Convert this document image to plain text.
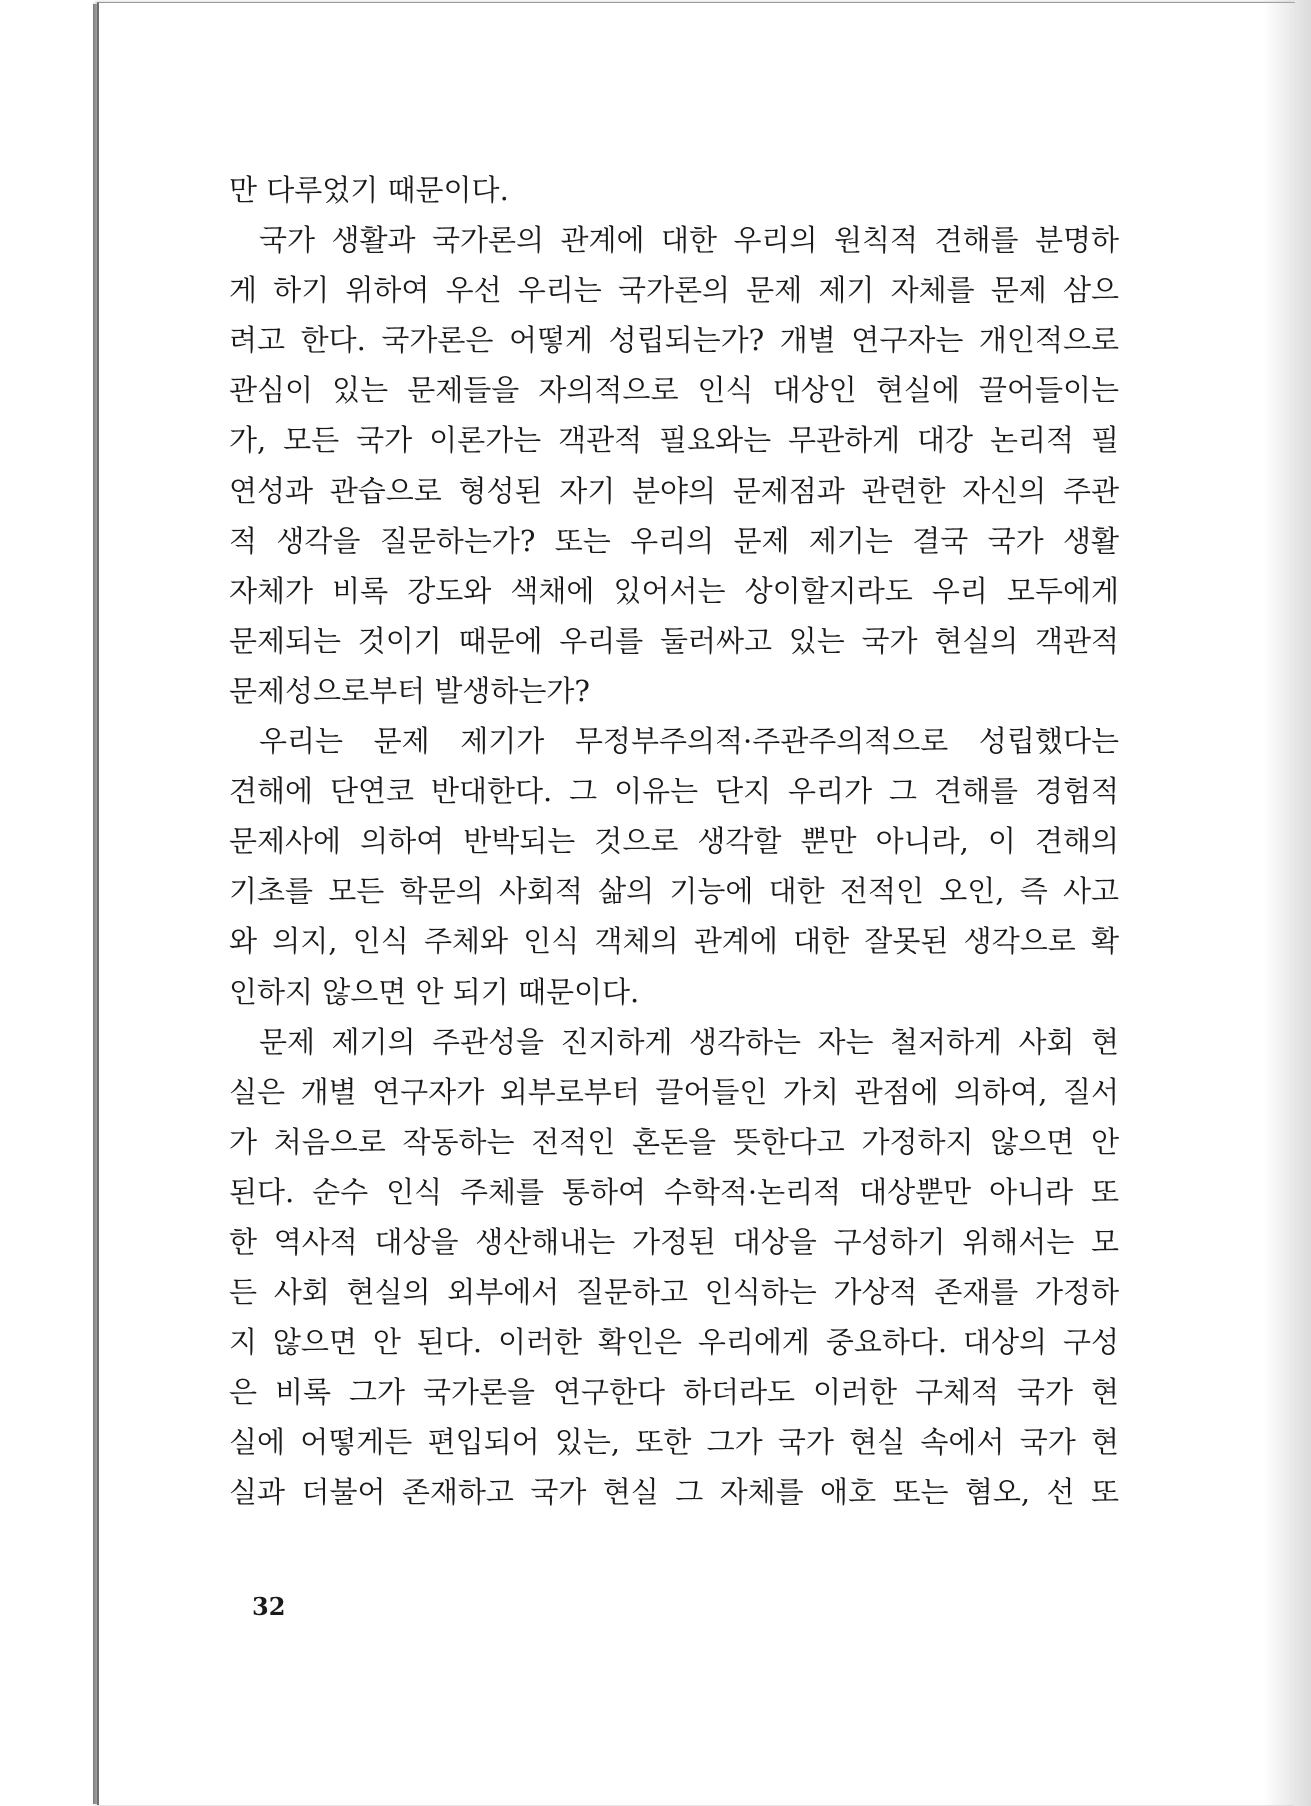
만 다루었기 때문이다.
국가 생활과 국가론의 관계에 대한 우리의 원칙적 견해를 분명하
게 하기 위하여 우선 우리는 국가론의 문제 제기 자체를 문제 삼으
려고 한다. 국가론은 어떻게 성립되는가? 개별 연구자는 개인적으로
관심이 있는 문제들을 자의적으로 인식 대상인 현실에 끌어들이는
가, 모든 국가 이론가는 객관적 필요와는 무관하게 대강 논리적 필
연성과 관습으로 형성된 자기 분야의 문제점과 관련한 자신의 주관
적 생각을 질문하는가? 또는 우리의 문제 제기는 결국 국가 생활
자체가 비록 강도와 색채에 있어서는 상이할지라도 우리 모두에게
문제되는 것이기 때문에 우리를 둘러싸고 있는 국가 현실의 객관적
문제성으로부터 발생하는가?
우리는 문제 제기가 무정부주의적·주관주의적으로 성립했다는
견해에 단연코 반대한다. 그 이유는 단지 우리가 그 견해를 경험적
문제사에 의하여 반박되는 것으로 생각할 뿐만 아니라, 이 견해의
기초를 모든 학문의 사회적 삶의 기능에 대한 전적인 오인, 즉 사고
와 의지, 인식 주체와 인식 객체의 관계에 대한 잘못된 생각으로 확
인하지 않으면 안 되기 때문이다.
문제 제기의 주관성을 진지하게 생각하는 자는 철저하게 사회 현
실은 개별 연구자가 외부로부터 끌어들인 가치 관점에 의하여, 질서
가 처음으로 작동하는 전적인 혼돈을 뜻한다고 가정하지 않으면 안
된다. 순수 인식 주체를 통하여 수학적·논리적 대상뿐만 아니라 또
한 역사적 대상을 생산해내는 가정된 대상을 구성하기 위해서는 모
든 사회 현실의 외부에서 질문하고 인식하는 가상적 존재를 가정하
지 않으면 안 된다. 이러한 확인은 우리에게 중요하다. 대상의 구성
은 비록 그가 국가론을 연구한다 하더라도 이러한 구체적 국가 현
실에 어떻게든 편입되어 있는, 또한 그가 국가 현실 속에서 국가 현
실과 더불어 존재하고 국가 현실 그 자체를 애호 또는 혐오, 선 또
32
